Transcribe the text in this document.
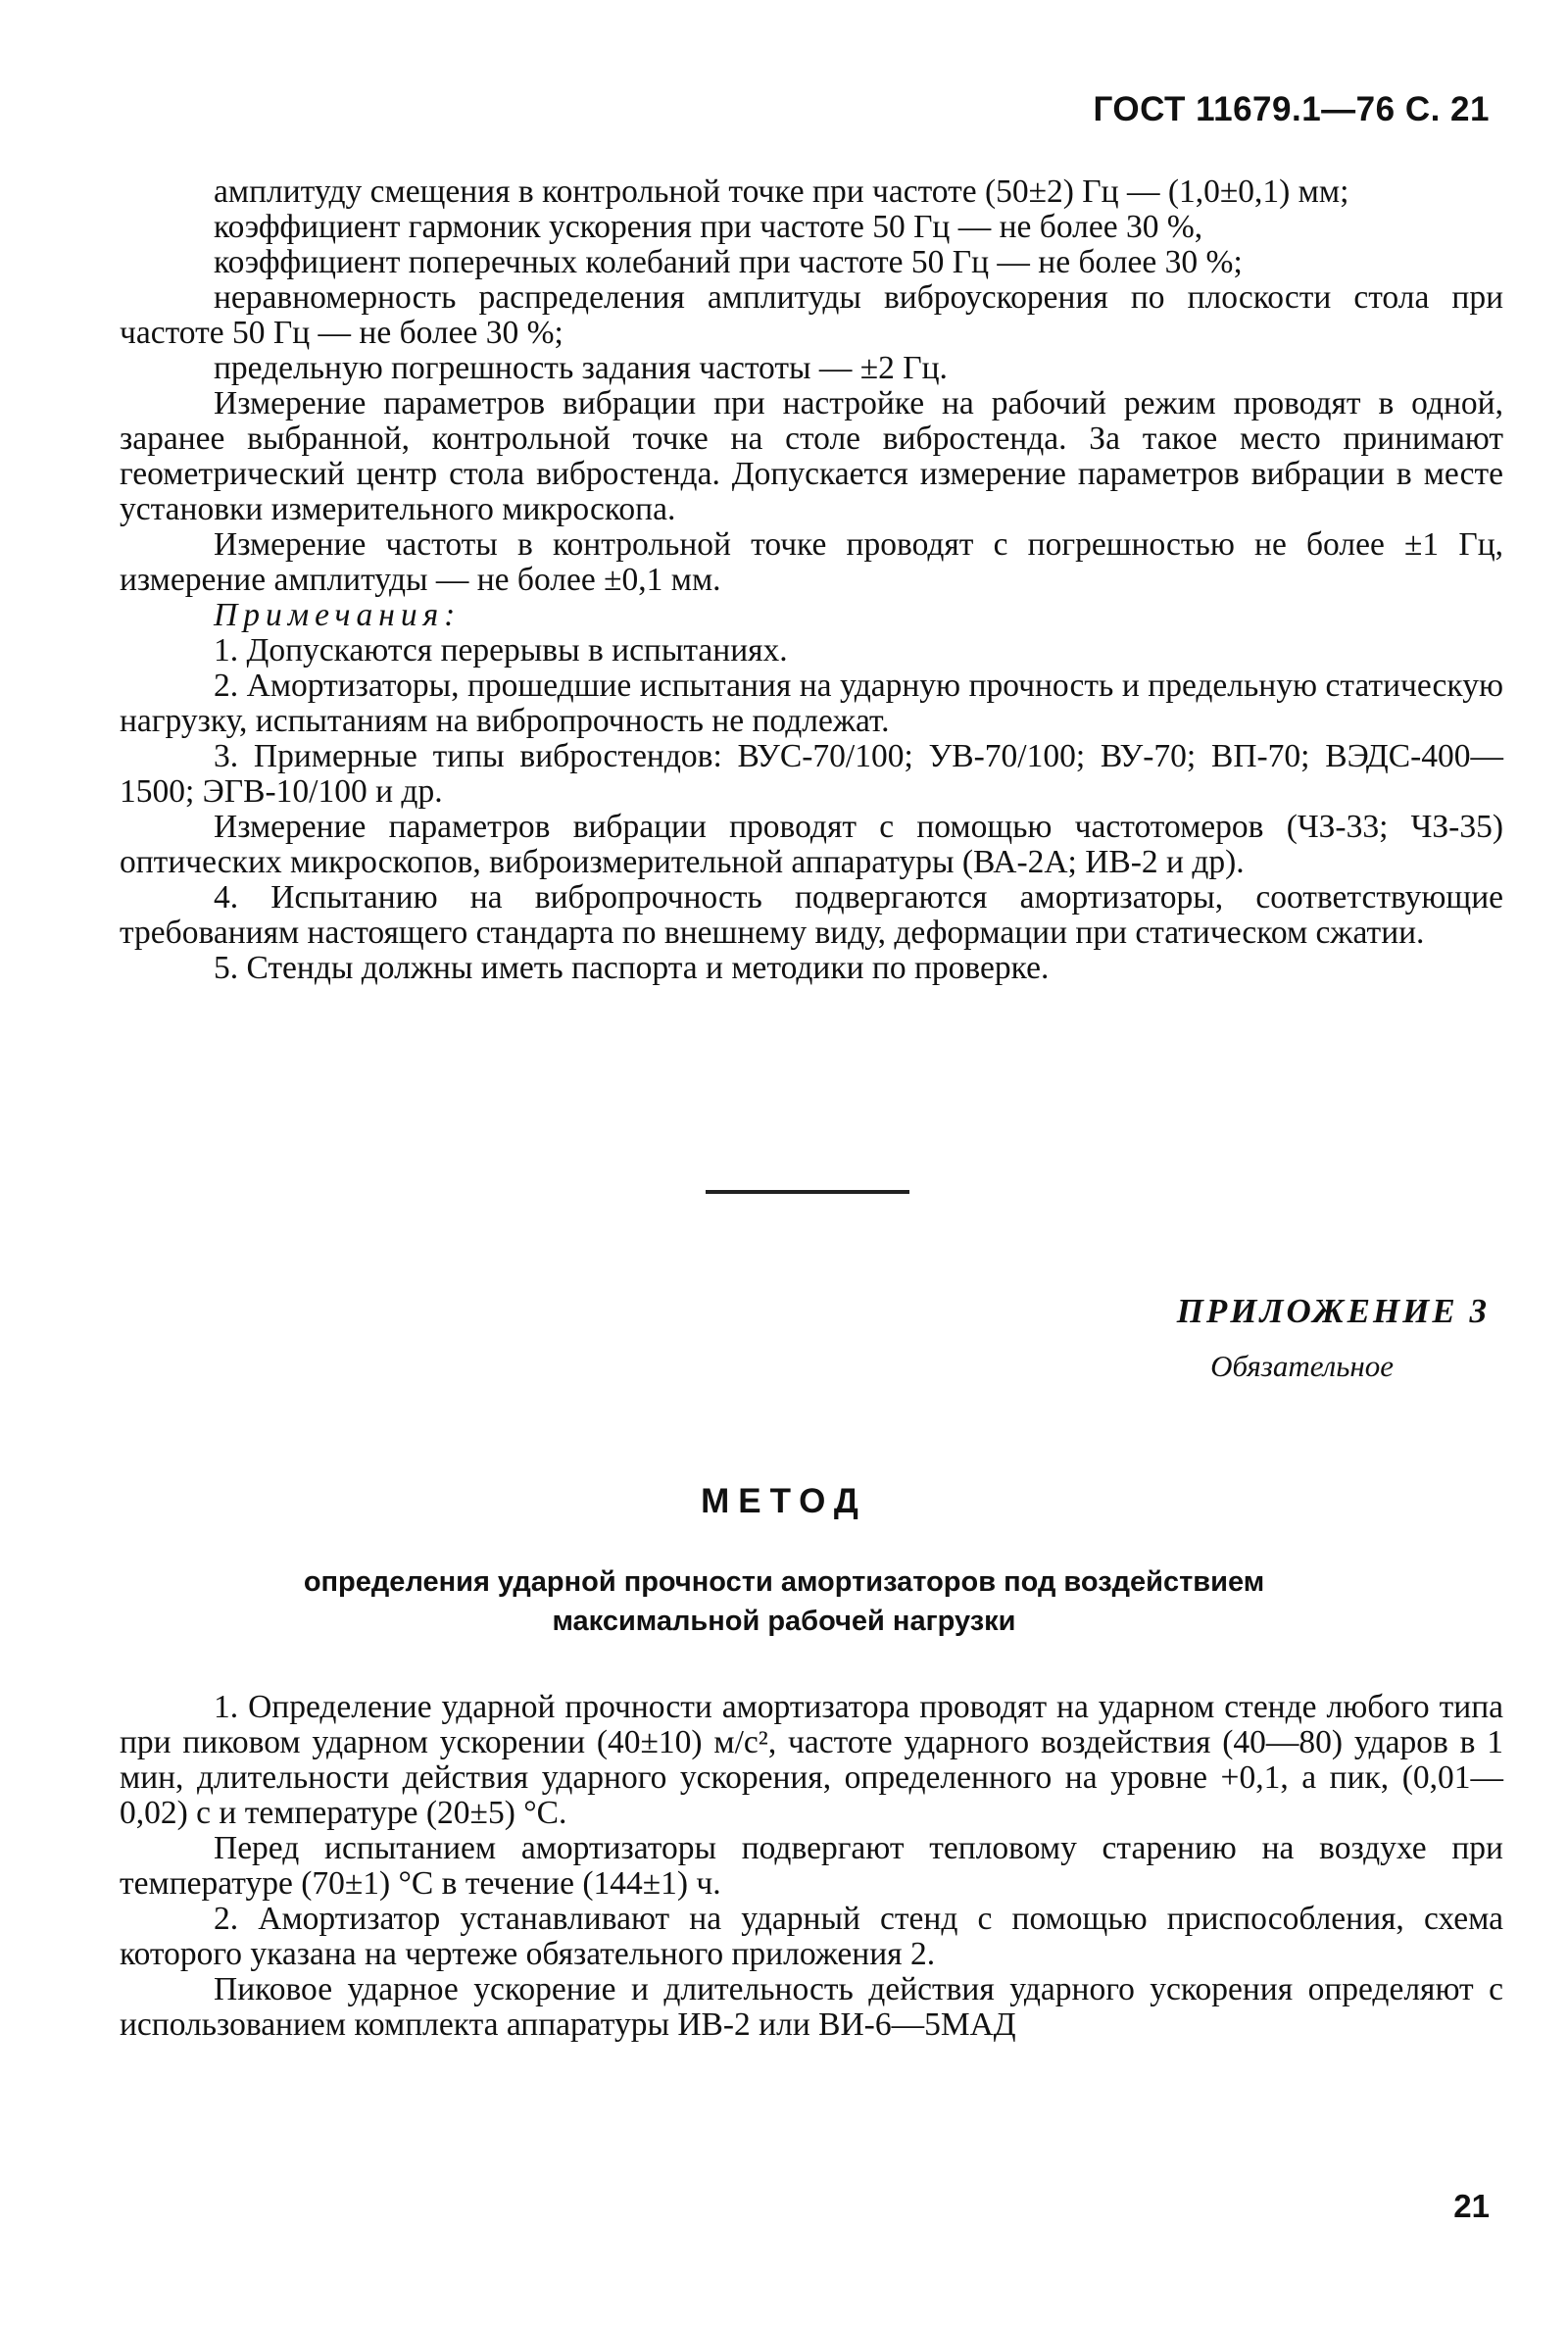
ГОСТ 11679.1—76 С. 21

амплитуду смещения в контрольной точке при частоте (50±2) Гц — (1,0±0,1) мм;

коэффициент гармоник ускорения при частоте 50 Гц — не более 30 %,

коэффициент поперечных колебаний при частоте 50 Гц — не более 30 %;

неравномерность распределения амплитуды виброускорения по плоскости стола при частоте 50 Гц — не более 30 %;

предельную погрешность задания частоты — ±2 Гц.

Измерение параметров вибрации при настройке на рабочий режим проводят в одной, заранее выбранной, контрольной точке на столе вибростенда. За такое место принимают геометрический центр стола вибростенда. Допускается измерение параметров вибрации в месте установки измерительного микроскопа.

Измерение частоты в контрольной точке проводят с погрешностью не более ±1 Гц, измерение амплитуды — не более ±0,1 мм.

Примечания:

1. Допускаются перерывы в испытаниях.

2. Амортизаторы, прошедшие испытания на ударную прочность и предельную статическую нагрузку, испытаниям на вибропрочность не подлежат.

3. Примерные типы вибростендов: ВУС-70/100; УВ-70/100; ВУ-70; ВП-70; ВЭДС-400—1500; ЭГВ-10/100 и др.

Измерение параметров вибрации проводят с помощью частотомеров (ЧЗ-33; ЧЗ-35) оптических микроскопов, виброизмерительной аппаратуры (ВА-2А; ИВ-2 и др).

4. Испытанию на вибропрочность подвергаются амортизаторы, соответствующие требованиям настоящего стандарта по внешнему виду, деформации при статическом сжатии.

5. Стенды должны иметь паспорта и методики по проверке.

ПРИЛОЖЕНИЕ 3
Обязательное
МЕТОД
определения ударной прочности амортизаторов под воздействием
максимальной рабочей нагрузки

1. Определение ударной прочности амортизатора проводят на ударном стенде любого типа при пиковом ударном ускорении (40±10) м/с², частоте ударного воздействия (40—80) ударов в 1 мин, длительности действия ударного ускорения, определенного на уровне +0,1, а пик, (0,01—0,02) с и температуре (20±5) °С.

Перед испытанием амортизаторы подвергают тепловому старению на воздухе при температуре (70±1) °С в течение (144±1) ч.

2. Амортизатор устанавливают на ударный стенд с помощью приспособления, схема которого указана на чертеже обязательного приложения 2.

Пиковое ударное ускорение и длительность действия ударного ускорения определяют с использованием комплекта аппаратуры ИВ-2 или ВИ-6—5МАД

21
